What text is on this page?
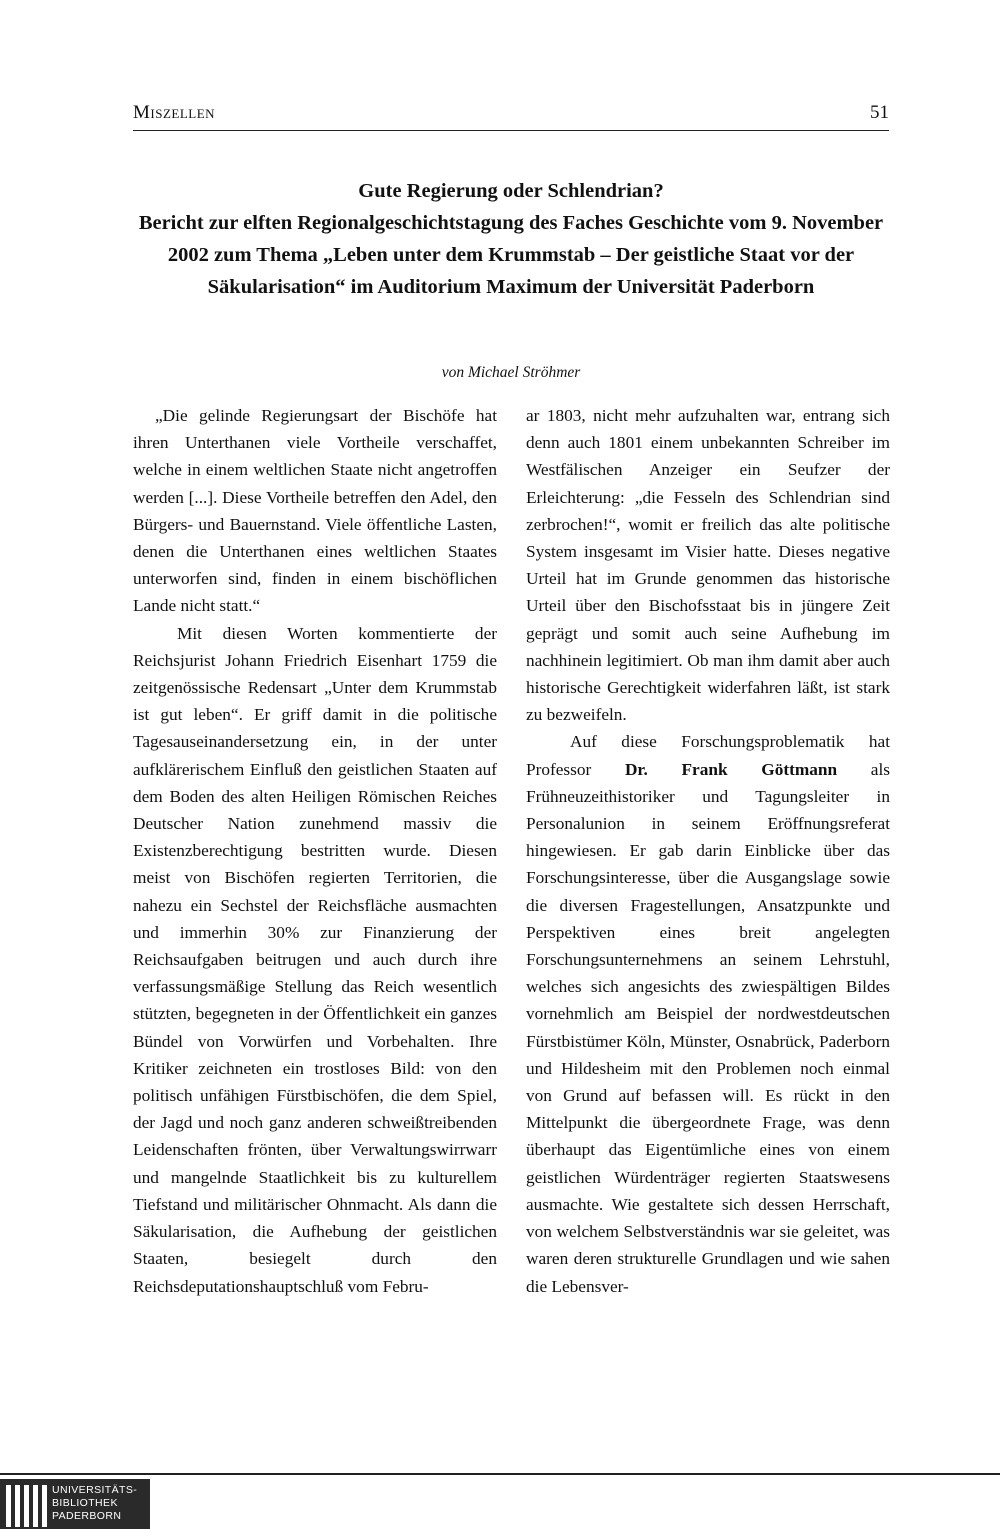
Miszellen	51
Gute Regierung oder Schlendrian?
Bericht zur elften Regionalgeschichtstagung des Faches Geschichte vom 9. November 2002 zum Thema „Leben unter dem Krummstab – Der geistliche Staat vor der Säkularisation“ im Auditorium Maximum der Universität Paderborn
von Michael Ströhmer

„Die gelinde Regierungsart der Bischöfe hat ihren Unterthanen viele Vortheile verschaffet, welche in einem weltlichen Staate nicht angetroffen werden [...]. Diese Vortheile betreffen den Adel, den Bürgers- und Bauernstand. Viele öffentliche Lasten, denen die Unterthanen eines weltlichen Staates unterworfen sind, finden in einem bischöflichen Lande nicht statt.“

Mit diesen Worten kommentierte der Reichsjurist Johann Friedrich Eisenhart 1759 die zeitgenössische Redensart „Unter dem Krummstab ist gut leben“. Er griff damit in die politische Tagesauseinandersetzung ein, in der unter aufklärerischem Einfluß den geistlichen Staaten auf dem Boden des alten Heiligen Römischen Reiches Deutscher Nation zunehmend massiv die Existenzberechtigung bestritten wurde. Diesen meist von Bischöfen regierten Territorien, die nahezu ein Sechstel der Reichsfläche ausmachten und immerhin 30% zur Finanzierung der Reichsaufgaben beitrugen und auch durch ihre verfassungsmäßige Stellung das Reich wesentlich stützten, begegneten in der Öffentlichkeit ein ganzes Bündel von Vorwürfen und Vorbehalten. Ihre Kritiker zeichneten ein trostloses Bild: von den politisch unfähigen Fürstbischöfen, die dem Spiel, der Jagd und noch ganz anderen schweißtreibenden Leidenschaften frönten, über Verwaltungswirrwarr und mangelnde Staatlichkeit bis zu kulturellem Tiefstand und militärischer Ohnmacht. Als dann die Säkularisation, die Aufhebung der geistlichen Staaten, besiegelt durch den Reichsdeputationshauptschluß vom Febru-

ar 1803, nicht mehr aufzuhalten war, entrang sich denn auch 1801 einem unbekannten Schreiber im Westfälischen Anzeiger ein Seufzer der Erleichterung: „die Fesseln des Schlendrian sind zerbrochen!“, womit er freilich das alte politische System insgesamt im Visier hatte. Dieses negative Urteil hat im Grunde genommen das historische Urteil über den Bischofsstaat bis in jüngere Zeit geprägt und somit auch seine Aufhebung im nachhinein legitimiert. Ob man ihm damit aber auch historische Gerechtigkeit widerfahren läßt, ist stark zu bezweifeln.

Auf diese Forschungsproblematik hat Professor Dr. Frank Göttmann als Frühneuzeithistoriker und Tagungsleiter in Personalunion in seinem Eröffnungsreferat hingewiesen. Er gab darin Einblicke über das Forschungsinteresse, über die Ausgangslage sowie die diversen Fragestellungen, Ansatzpunkte und Perspektiven eines breit angelegten Forschungsunternehmens an seinem Lehrstuhl, welches sich angesichts des zwiespältigen Bildes vornehmlich am Beispiel der nordwestdeutschen Fürstbistümer Köln, Münster, Osnabrück, Paderborn und Hildesheim mit den Problemen noch einmal von Grund auf befassen will. Es rückt in den Mittelpunkt die übergeordnete Frage, was denn überhaupt das Eigentümliche eines von einem geistlichen Würdenträger regierten Staatswesens ausmachte. Wie gestaltete sich dessen Herrschaft, von welchem Selbstverständnis war sie geleitet, was waren deren strukturelle Grundlagen und wie sahen die Lebensver-

UNIVERSITÄTS-
BIBLIOTHEK
PADERBORN
